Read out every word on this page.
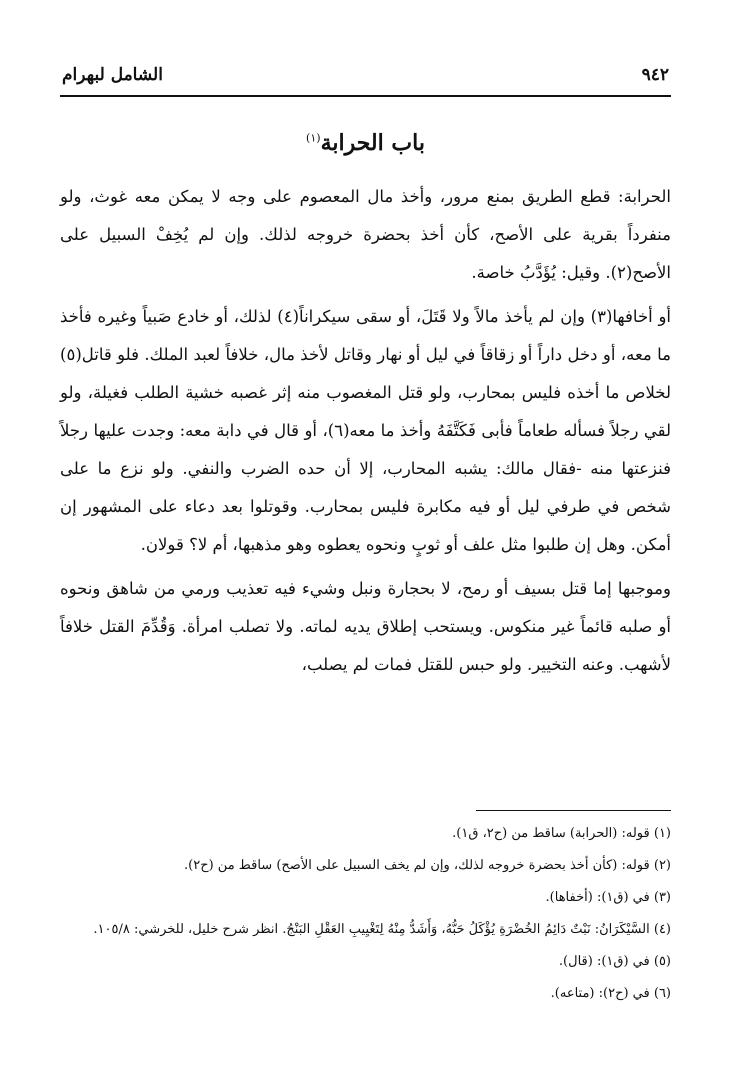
٩٤٢
الشامل لبهرام
باب الحرابة$^{(١)}$

الحرابة: قطع الطريق بمنع مرور، وأخذ مال المعصوم على وجه لا يمكن معه غوث، ولو منفرداً بقرية على الأصح، كأن أخذ بحضرة خروجه لذلك. وإن لم يُخِفْ السبيل على الأصح(٢). وقيل: يُؤَدَّبُ خاصة.

أو أخافها(٣) وإن لم يأخذ مالاً ولا قَتَلَ، أو سقى سيكراناً(٤) لذلك، أو خادع صَبياً وغيره فأخذ ما معه، أو دخل داراً أو زقاقاً في ليل أو نهار وقاتل لأخذ مال، خلافاً لعبد الملك. فلو قاتل(٥) لخلاص ما أخذه فليس بمحارب، ولو قتل المغصوب منه إثر غصبه خشية الطلب فغيلة، ولو لقي رجلاً فسأله طعاماً فأبى فَكَتَّفَهُ وأخذ ما معه(٦)، أو قال في دابة معه: وجدت عليها رجلاً فنزعتها منه -فقال مالك: يشبه المحارب، إلا أن حده الضرب والنفي. ولو نزع ما على شخص في طرفي ليل أو فيه مكابرة فليس بمحارب. وقوتلوا بعد دعاء على المشهور إن أمكن. وهل إن طلبوا مثل علف أو ثوبٍ ونحوه يعطوه وهو مذهبها، أم لا؟ قولان.

وموجبها إما قتل بسيف أو رمح، لا بحجارة ونبل وشيء فيه تعذيب ورمي من شاهق ونحوه أو صلبه قائماً غير منكوس. ويستحب إطلاق يديه لماته. ولا تصلب امرأة. وَقُدِّمَ القتل خلافاً لأشهب. وعنه التخيير. ولو حبس للقتل فمات لم يصلب،

(١) قوله: (الحرابة) ساقط من (ح٢، ق١).

(٢) قوله: (كأن أخذ بحضرة خروجه لذلك، وإن لم يخف السبيل على الأصح) ساقط من (ح٢).

(٣) في (ق١): (أخفاها).

(٤) السَّيْكَرَانُ: نَبْتٌ دَائِمُ الخُضْرَةِ يُؤْكَلُ حَبُّهُ، وَأَشَدُّ مِنْهُ لِتَغْيِيبِ العَقْلِ البَنْجُ. انظر شرح خليل، للخرشي: ١٠٥/٨.

(٥) في (ق١): (قال).

(٦) في (ح٢): (متاعه).
